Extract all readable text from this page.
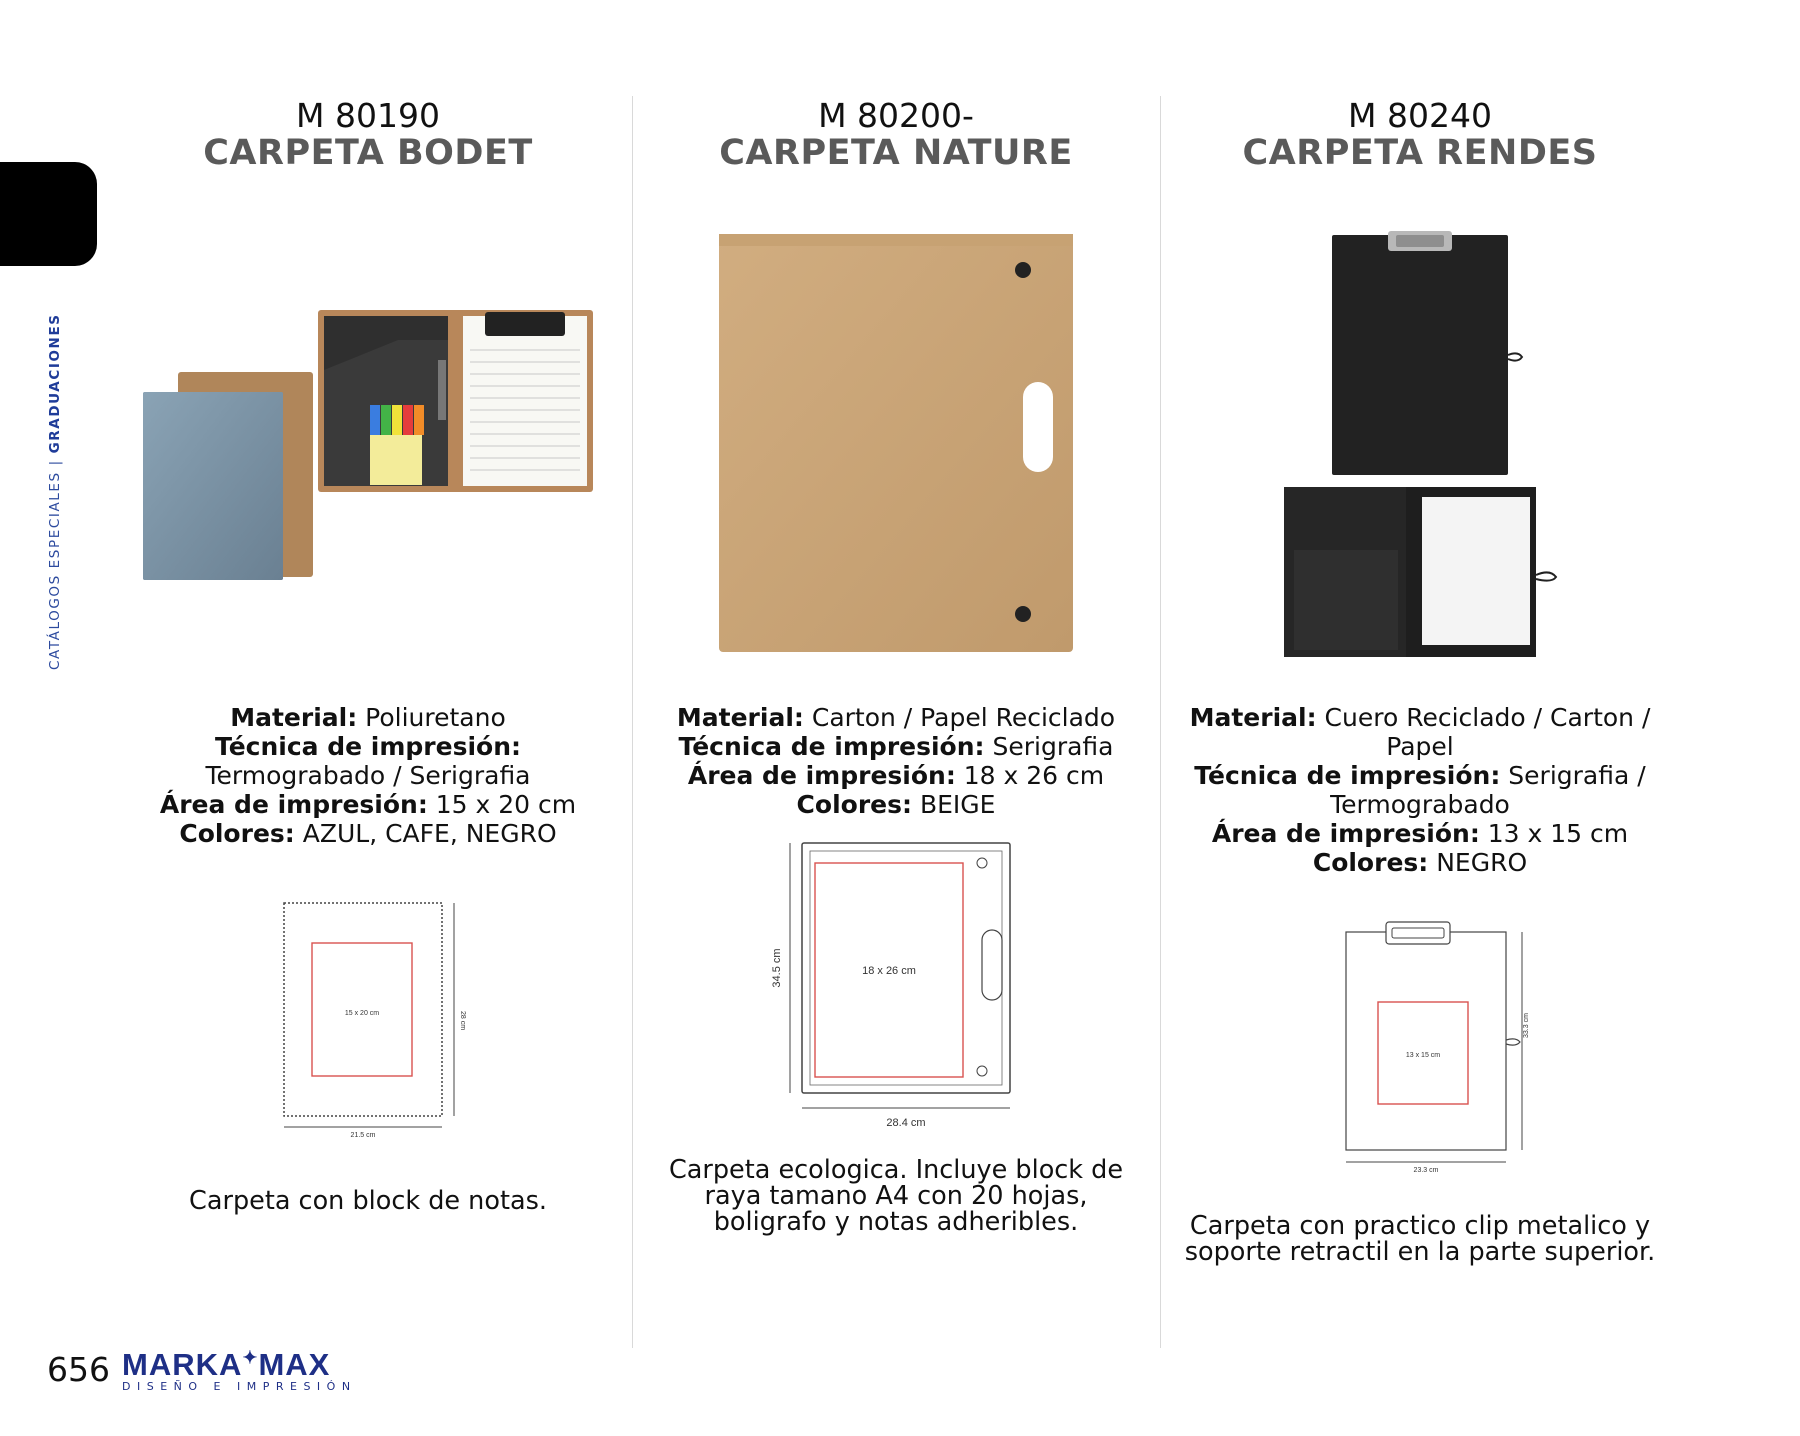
CATÁLOGOS ESPECIALES | GRADUACIONES
M 80190
CARPETA BODET
Material: Poliuretano
Técnica de impresión:
Termograbado / Serigrafia
Área de impresión: 15 x 20 cm
Colores: AZUL, CAFE, NEGRO
15 x 20 cm	28 cm
21.5 cm
Carpeta con block de notas.
M 80200-
CARPETA NATURE
Material: Carton / Papel Reciclado
Técnica de impresión: Serigrafia
Área de impresión: 18 x 26 cm
Colores: BEIGE
34.5 cm	18 x 26 cm
28.4 cm
Carpeta ecologica. Incluye block de raya tamano A4 con 20 hojas, boligrafo y notas adheribles.
M 80240
CARPETA RENDES
Material: Cuero Reciclado / Carton / Papel
Técnica de impresión: Serigrafia / Termograbado
Área de impresión: 13 x 15 cm
Colores: NEGRO
13 x 15 cm
33.3 cm
23.3 cm
Carpeta con practico clip metalico y soporte retractil en la parte superior.
656 MARKA✦MAX
DISEÑO E IMPRESIÓN
